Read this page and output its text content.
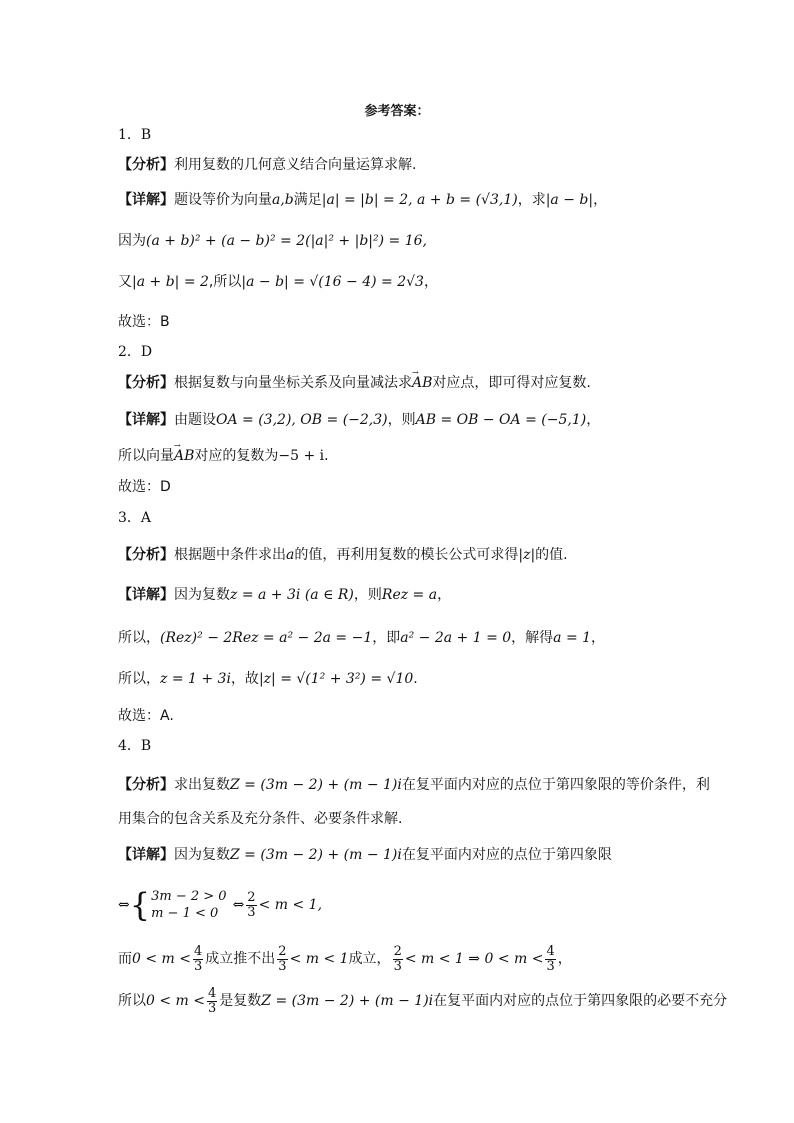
参考答案：
1．B
【分析】利用复数的几何意义结合向量运算求解.
【详解】题设等价为向量a,b满足|a| = |b| = 2, a + b = (√3,1)，求|a − b|，
因为(a + b)² + (a − b)² = 2(|a|² + |b|²) = 16,
又|a + b| = 2,所以|a − b| = √(16 − 4) = 2√3，
故选：B
2．D
【分析】根据复数与向量坐标关系及向量减法求→ AB对应点，即可得对应复数.
【详解】由题设OA = (3,2), OB = (−2,3)，则AB = OB − OA = (−5,1)，
所以向量→ AB对应的复数为−5 + i.
故选：D
3．A
【分析】根据题中条件求出a的值，再利用复数的模长公式可求得|z|的值.
【详解】因为复数z = a + 3i (a ∈ R)，则Rez = a，
所以，(Rez)² − 2Rez = a² − 2a = −1，即a² − 2a + 1 = 0，解得a = 1，
所以，z = 1 + 3i，故|z| = √(1² + 3²) = √10.
故选：A.
4．B
【分析】求出复数Z = (3m − 2) + (m − 1)i在复平面内对应的点位于第四象限的等价条件，利
用集合的包含关系及充分条件、必要条件求解.
【详解】因为复数Z = (3m − 2) + (m − 1)i在复平面内对应的点位于第四象限
⇔ { 3m − 2 > 0
m − 1 < 0
⇔ $\frac{2}{3} < m < 1$,
而 $0 < m < \frac{4}{3}$ 成立推不出 $\frac{2}{3} < m < 1$ 成立， $\frac{2}{3} < m < 1$ ⇒ $0 < m < \frac{4}{3}$ ，
所以 $0 < m < \frac{4}{3}$ 是复数 Z = (3m − 2) + (m − 1)i 在复平面内对应的点位于第四象限的必要不充分
